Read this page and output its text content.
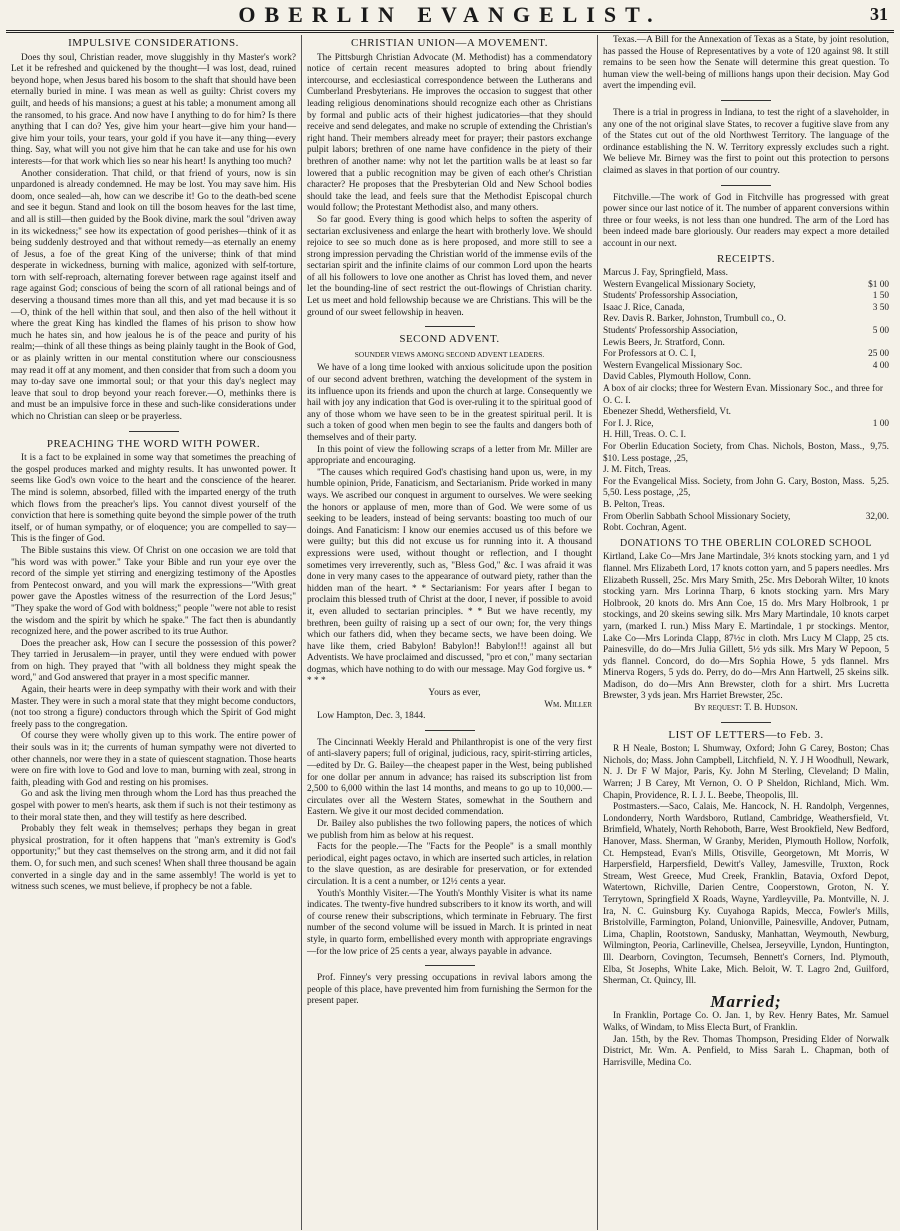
OBERLIN EVANGELIST.	31
IMPULSIVE CONSIDERATIONS.

Does thy soul, Christian reader, move sluggishly in thy Master's work? Let it be refreshed and quickened by the thought—I was lost, dead, ruined beyond hope, when Jesus bared his bosom to the shaft that should have been eternally buried in mine. I was mean as well as guilty: Christ covers my guilt, and heeds of his mansions; a guest at his table; a monument among all the ransomed, to his grace. And now have I anything to do for him? Is there anything that I can do? Yes, give him your heart—give him your hand—give him your toils, your tears, your gold if you have it—any thing—every thing. Say, what will you not give him that he can take and use for his own interests—for that work which lies so near his heart! Is anything too much?

Another consideration. That child, or that friend of yours, now is sin unpardoned is already condemned. He may be lost. You may save him. His doom, once sealed—ah, how can we describe it! Go to the death-bed scene and see it begun. Stand and look on till the bosom heaves for the last time, and all is still—then guided by the Book divine, mark the soul "driven away in its wickedness;" see how its expectation of good perishes—think of it as being suddenly destroyed and that without remedy—as eternally an enemy of Jesus, a foe of the great King of the universe; think of that mind desperate in wickedness, burning with malice, agonized with self-torture, torn with self-reproach, alternating forever between rage against itself and rage against God; conscious of being the scorn of all rational beings and of deserving a thousand times more than all this, and yet mad because it is so—O, think of the hell within that soul, and then also of the hell without it where the great King has kindled the flames of his prison to show how much he hates sin, and how jealous he is of the peace and purity of his realm;—think of all these things as being plainly taught in the Book of God, or as plainly written in our mental constitution where our consciousness may read it off at any moment, and then consider that from such a doom you may to-day save one immortal soul; or that your this day's neglect may leave that soul to drop beyond your reach forever.—O, methinks there is and must be an impulsive force in these and such-like considerations under which no Christian can sleep or be prayerless.

PREACHING THE WORD WITH POWER.

It is a fact to be explained in some way that sometimes the preaching of the gospel produces marked and mighty results. It has unwonted power. It seems like God's own voice to the heart and the conscience of the hearer. The mind is solemn, absorbed, filled with the imparted energy of the truth which flows from the preacher's lips. You cannot divest yourself of the conviction that here is something quite beyond the simple power of the truth itself, or of human sympathy, or of eloquence; you are compelled to say—This is the finger of God.

The Bible sustains this view. Of Christ on one occasion we are told that "his word was with power." Take your Bible and run your eye over the record of the simple yet stirring and energizing testimony of the Apostles from Pentecost onward, and you will mark the expressions—"With great power gave the Apostles witness of the resurrection of the Lord Jesus;" "They spake the word of God with boldness;" people "were not able to resist the wisdom and the spirit by which he spake." The fact then is abundantly recognized here, and the power ascribed to its true Author.

Does the preacher ask, How can I secure the possession of this power? They tarried in Jerusalem—in prayer, until they were endued with power from on high. They prayed that "with all boldness they might speak the word," and God answered that prayer in a most specific manner.

Again, their hearts were in deep sympathy with their work and with their Master. They were in such a moral state that they might become conductors, (not too strong a figure) conductors through which the Spirit of God might freely pass to the congregation.

Of course they were wholly given up to this work. The entire power of their souls was in it; the currents of human sympathy were not diverted to other channels, nor were they in a state of quiescent stagnation. Those hearts were on fire with love to God and love to man, burning with zeal, strong in faith, pleading with God and resting on his promises.

Go and ask the living men through whom the Lord has thus preached the gospel with power to men's hearts, ask them if such is not their testimony as to their moral state then, and they will testify as here described.

Probably they felt weak in themselves; perhaps they began in great physical prostration, for it often happens that "man's extremity is God's opportunity;" but they cast themselves on the strong arm, and it did not fail them. O, for such men, and such scenes! When shall three thousand be again converted in a single day and in the same assembly! The world is yet to witness such scenes, we must believe, if prophecy be not a fable.

CHRISTIAN UNION—A MOVEMENT.

The Pittsburgh Christian Advocate (M. Methodist) has a commendatory notice of certain recent measures adopted to bring about friendly intercourse, and ecclesiastical correspondence between the Lutherans and Cumberland Presbyterians. He improves the occasion to suggest that other leading religious denominations should recognize each other as Christians by formal and public acts of their highest judicatories—that they should receive and send delegates, and make no scruple of extending the Christian's right hand. Their members already meet for prayer; their pastors exchange pulpit labors; brethren of one name have confidence in the piety of their brethren of another name: why not let the partition walls be at least so far lowered that a public recognition may be given of each other's Christian character? He proposes that the Presbyterian Old and New School bodies should take the lead, and feels sure that the Methodist Episcopal church would follow; the Protestant Methodist also, and many others.

So far good. Every thing is good which helps to soften the asperity of sectarian exclusiveness and enlarge the heart with brotherly love. We should rejoice to see so much done as is here proposed, and more still to see a strong impression pervading the Christian world of the immense evils of the sectarian spirit and the infinite claims of our common Lord upon the hearts of all his followers to love one another as Christ has loved them, and never let the bounding-line of sect restrict the out-flowings of Christian charity. Let us meet and hold fellowship because we are Christians. This will be the ground of our sweet fellowship in heaven.

SECOND ADVENT.
SOUNDER VIEWS AMONG SECOND ADVENT LEADERS.

We have of a long time looked with anxious solicitude upon the position of our second advent brethren, watching the development of the system in its influence upon its friends and upon the church at large. Consequently we hail with joy any indication that God is over-ruling it to the spiritual good of any of those whom we have seen to be in the greatest spiritual peril. It is such a token of good when men begin to see the faults and dangers both of themselves and of their party.

In this point of view the following scraps of a letter from Mr. Miller are appropriate and encouraging.

"The causes which required God's chastising hand upon us, were, in my humble opinion, Pride, Fanaticism, and Sectarianism. Pride worked in many ways. We ascribed our conquest in argument to ourselves. We were seeking the honors or applause of men, more than of God. We were some of us seeking to be leaders, instead of being servants: boasting too much of our doings. And Fanaticism: I know our enemies accused us of this before we were guilty; but this did not excuse us for running into it. A thousand expressions were used, without thought or reflection, and I thought sometimes very irreverently, such as, "Bless God," &c. I was afraid it was done in very many cases to the appearance of outward piety, rather than the hidden man of the heart. * * Sectarianism: For years after I began to proclaim this blessed truth of Christ at the door, I never, if possible to avoid it, even alluded to sectarian principles. * * But we have recently, my brethren, been guilty of raising up a sect of our own; for, the very things which our fathers did, when they became sects, we have been doing. We have like them, cried Babylon! Babylon!! Babylon!!! against all but Adventists. We have proclaimed and discussed, "pro et con," many sectarian dogmas, which have nothing to do with our message. May God forgive us. * * * *

Yours as ever,

Wm. Miller

Low Hampton, Dec. 3, 1844.

The Cincinnati Weekly Herald and Philanthropist is one of the very first of anti-slavery papers; full of original, judicious, racy, spirit-stirring articles,—edited by Dr. G. Bailey—the cheapest paper in the West, being published for one dollar per annum in advance; has raised its subscription list from 2,500 to 6,000 within the last 14 months, and means to go up to 10,000.—circulates over all the Western States, somewhat in the Southern and Eastern. We give it our most decided commendation.

Dr. Bailey also publishes the two following papers, the notices of which we publish from him as below at his request.

Facts for the people.—The "Facts for the People" is a small monthly periodical, eight pages octavo, in which are inserted such articles, in relation to the slave question, as are desirable for preservation, or for extended circulation. It is a cent a number, or 12½ cents a year.

Youth's Monthly Visiter.—The Youth's Monthly Visiter is what its name indicates. The twenty-five hundred subscribers to it know its worth, and will of course renew their subscriptions, which terminate in February. The first number of the second volume will be issued in March. It is printed in neat style, in quarto form, embellished every month with appropriate engravings—for the low price of 25 cents a year, always payable in advance.

Prof. Finney's very pressing occupations in revival labors among the people of this place, have prevented him from furnishing the Sermon for the present paper.

Texas.—A Bill for the Annexation of Texas as a State, by joint resolution, has passed the House of Representatives by a vote of 120 against 98. It still remains to be seen how the Senate will determine this great question. To human view the well-being of millions hangs upon their decision. May God avert the impending evil.

There is a trial in progress in Indiana, to test the right of a slaveholder, in any one of the not original slave States, to recover a fugitive slave from any of the States cut out of the old Northwest Territory. The language of the ordinance establishing the N. W. Territory expressly excludes such a right. We believe Mr. Birney was the first to point out this protection to persons claimed as slaves in that portion of our country.

Fitchville.—The work of God in Fitchville has progressed with great power since our last notice of it. The number of apparent conversions within three or four weeks, is not less than one hundred. The arm of the Lord has been indeed made bare gloriously. Our readers may expect a more detailed account in our next.

RECEIPTS.
Marcus J. Fay, Springfield, Mass.
Western Evangelical Missionary Society,	$1 00
Students' Professorship Association,	1 50
Isaac J. Rice, Canada,	3 50
Rev. Davis R. Barker, Johnston, Trumbull co., O.
Students' Professorship Association,	5 00
Lewis Beers, Jr. Stratford, Conn.
For Professors at O. C. I,	25 00
Western Evangelical Missionary Soc.	4 00
David Cables, Plymouth Hollow, Conn.
A box of air clocks; three for Western Evan. Missionary Soc., and three for O. C. I.
Ebenezer Shedd, Wethersfield, Vt.
For I. J. Rice,	1 00
H. Hill, Treas. O. C. I.
For Oberlin Education Society, from Chas. Nichols, Boston, Mass., $10. Less postage, ,25,
9,75.
J. M. Fitch, Treas.
For the Evangelical Miss. Society, from John G. Cary, Boston, Mass. 5,50. Less postage, ,25,
5,25.
B. Pelton, Treas.
From Oberlin Sabbath School Missionary Society,	32,00.
Robt. Cochran, Agent.
DONATIONS TO THE OBERLIN COLORED SCHOOL

Kirtland, Lake Co—Mrs Jane Martindale, 3½ knots stocking yarn, and 1 yd flannel. Mrs Elizabeth Lord, 17 knots cotton yarn, and 5 papers needles. Mrs Elizabeth Russell, 25c. Mrs Mary Smith, 25c. Mrs Deborah Wilter, 10 knots stocking yarn. Mrs Lorinna Tharp, 6 knots stocking yarn. Mrs Mary Holbrook, 20 knots do. Mrs Ann Coe, 15 do. Mrs Mary Holbrook, 1 pr stockings, and 20 skeins sewing silk. Mrs Mary Martindale, 10 knots carpet yarn, (marked I. run.) Miss Mary E. Martindale, 1 pr stockings. Mentor, Lake Co—Mrs Lorinda Clapp, 87½c in cloth. Mrs Lucy M Clapp, 25 cts. Painesville, do do—Mrs Julia Gillett, 5½ yds silk. Mrs Mary W Pepoon, 5 yds flannel. Concord, do do—Mrs Sophia Howe, 5 yds flannel. Mrs Minerva Rogers, 5 yds do. Perry, do do—Mrs Ann Hartwell, 25 skeins silk. Madison, do do—Mrs Ann Brewster, cloth for a shirt. Mrs Lucretta Brewster, 3 yds jean. Mrs Harriet Brewster, 25c.

By request: T. B. Hudson.
LIST OF LETTERS—to Feb. 3.

R H Neale, Boston; L Shumway, Oxford; John G Carey, Boston; Chas Nichols, do; Mass. John Campbell, Litchfield, N. Y. J H Woodhull, Newark, N. J. Dr F W Major, Paris, Ky. John M Sterling, Cleveland; D Malin, Warren; J B Carey, Mt Vernon, O. O P Sheldon, Richland, Mich. Wm. Chapin, Providence, R. I. J. L. Beebe, Theopolis, Ill.

Postmasters.—Saco, Calais, Me. Hancock, N. H. Randolph, Vergennes, Londonderry, North Wardsboro, Rutland, Cambridge, Weathersfield, Vt. Brimfield, Whately, North Rehoboth, Barre, West Brookfield, New Bedford, Hanover, Mass. Sherman, W Granby, Meriden, Plymouth Hollow, Norfolk, Ct. Hempstead, Evan's Mills, Otisville, Georgetown, Mt Morris, W Harpersfield, Harpersfield, Dewitt's Valley, Jamesville, Truxton, Rock Stream, West Greece, Mud Creek, Franklin, Batavia, Oxford Depot, Watertown, Richville, Darien Centre, Cooperstown, Groton, N. Y. Terrytown, Springfield X Roads, Wayne, Yardleyville, Pa. Montville, N. J. Ira, N. C. Guinsburg Ky. Cuyahoga Rapids, Mecca, Fowler's Mills, Bristolville, Farmington, Poland, Unionville, Painesville, Andover, Putnam, Lima, Chaplin, Rootstown, Sandusky, Manhattan, Weymouth, Newburg, Wilmington, Peoria, Carlineville, Chelsea, Jerseyville, Lyndon, Huntington, Ill. Dearborn, Covington, Tecumseh, Bennett's Corners, Ind. Plymouth, Elba, St Josephs, White Lake, Mich. Beloit, W. T. Lagro 2nd, Guilford, Sherman, Ct. Quincy, Ill.

Married;

In Franklin, Portage Co. O. Jan. 1, by Rev. Henry Bates, Mr. Samuel Walks, of Windam, to Miss Electa Burt, of Franklin.

Jan. 15th, by the Rev. Thomas Thompson, Presiding Elder of Norwalk District, Mr. Wm. A. Penfield, to Miss Sarah L. Chapman, both of Harrisville, Medina Co.
